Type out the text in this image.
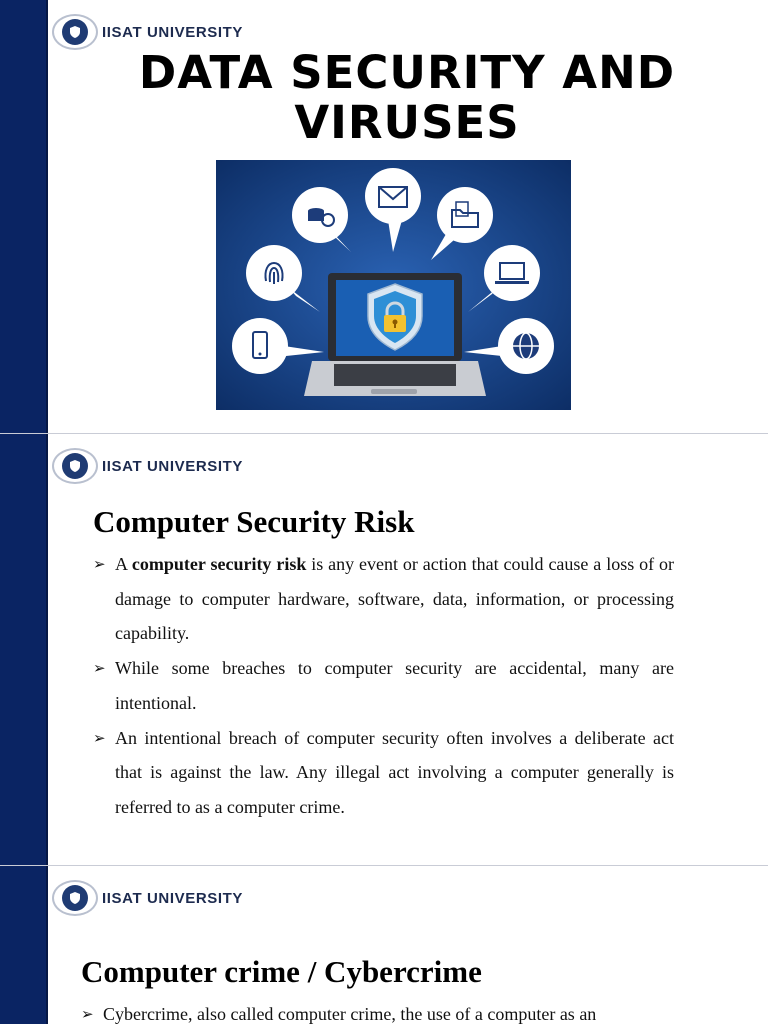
IISAT UNIVERSITY
DATA SECURITY AND VIRUSES
IISAT UNIVERSITY
Computer Security Risk
➢ A computer security risk is any event or action that could cause a loss of or damage to computer hardware, software, data, information, or processing capability.
➢ While some breaches to computer security are accidental, many are intentional.
➢ An intentional breach of computer security often involves a deliberate act that is against the law. Any illegal act involving a computer generally is referred to as a computer crime.
IISAT UNIVERSITY
Computer crime / Cybercrime
➢ Cybercrime, also called computer crime, the use of a computer as an
